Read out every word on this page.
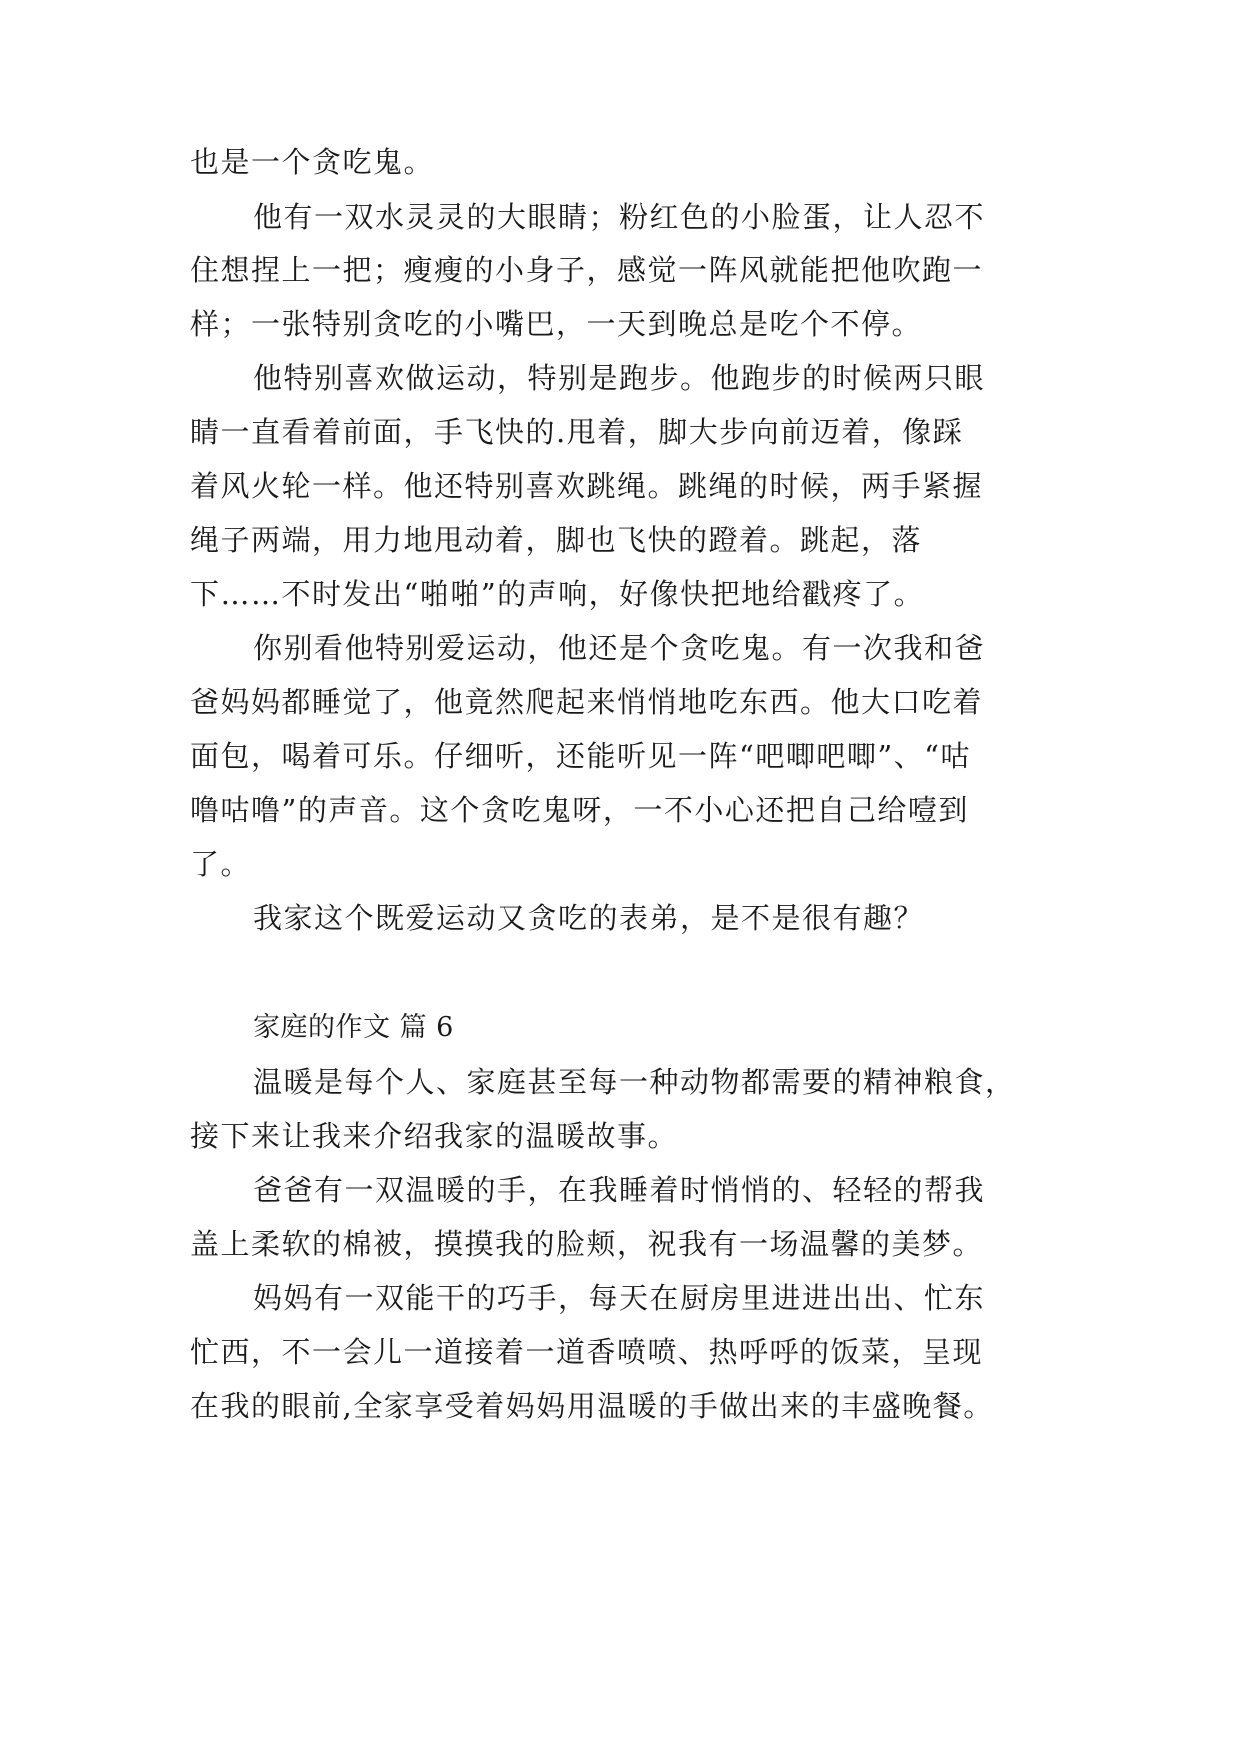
也是一个贪吃鬼。
他有一双水灵灵的大眼睛；粉红色的小脸蛋，让人忍不
住想捏上一把；瘦瘦的小身子，感觉一阵风就能把他吹跑一
样；一张特别贪吃的小嘴巴，一天到晚总是吃个不停。
他特别喜欢做运动，特别是跑步。他跑步的时候两只眼
睛一直看着前面，手飞快的.甩着，脚大步向前迈着，像踩
着风火轮一样。他还特别喜欢跳绳。跳绳的时候，两手紧握
绳子两端，用力地甩动着，脚也飞快的蹬着。跳起，落
下……不时发出“啪啪”的声响，好像快把地给戳疼了。
你别看他特别爱运动，他还是个贪吃鬼。有一次我和爸
爸妈妈都睡觉了，他竟然爬起来悄悄地吃东西。他大口吃着
面包，喝着可乐。仔细听，还能听见一阵“吧唧吧唧”、“咕
噜咕噜”的声音。这个贪吃鬼呀，一不小心还把自己给噎到
了。
我家这个既爱运动又贪吃的表弟，是不是很有趣？
家庭的作文 篇 6
温暖是每个人、家庭甚至每一种动物都需要的精神粮食，
接下来让我来介绍我家的温暖故事。
爸爸有一双温暖的手，在我睡着时悄悄的、轻轻的帮我
盖上柔软的棉被，摸摸我的脸颊，祝我有一场温馨的美梦。
妈妈有一双能干的巧手，每天在厨房里进进出出、忙东
忙西，不一会儿一道接着一道香喷喷、热呼呼的饭菜，呈现
在我的眼前,全家享受着妈妈用温暖的手做出来的丰盛晚餐。
